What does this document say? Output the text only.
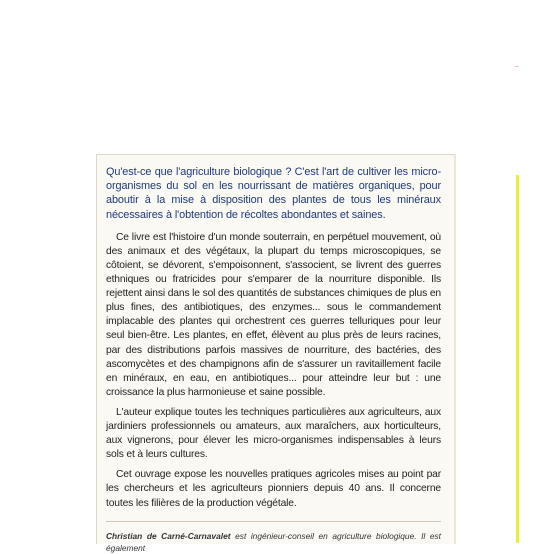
Qu'est-ce que l'agriculture biologique ? C'est l'art de cultiver les micro-organismes du sol en les nourrissant de matières organiques, pour aboutir à la mise à disposition des plantes de tous les minéraux nécessaires à l'obtention de récoltes abondantes et saines.

Ce livre est l'histoire d'un monde souterrain, en perpétuel mouvement, où des animaux et des végétaux, la plupart du temps microscopiques, se côtoient, se dévorent, s'empoisonnent, s'associent, se livrent des guerres ethniques ou fratricides pour s'emparer de la nourriture disponible. Ils rejettent ainsi dans le sol des quantités de substances chimiques de plus en plus fines, des antibiotiques, des enzymes... sous le commandement implacable des plantes qui orchestrent ces guerres telluriques pour leur seul bien-être. Les plantes, en effet, élèvent au plus près de leurs racines, par des distributions parfois massives de nourriture, des bactéries, des ascomycètes et des champignons afin de s'assurer un ravitaillement facile en minéraux, en eau, en antibiotiques... pour atteindre leur but : une croissance la plus harmonieuse et saine possible.

L'auteur explique toutes les techniques particulières aux agriculteurs, aux jardiniers professionnels ou amateurs, aux maraîchers, aux horticulteurs, aux vignerons, pour élever les micro-organismes indispensables à leurs sols et à leurs cultures.

Cet ouvrage expose les nouvelles pratiques agricoles mises au point par les chercheurs et les agriculteurs pionniers depuis 40 ans. Il concerne toutes les filières de la production végétale.

Christian de Carné-Carnavalet est ingénieur-conseil en agriculture biologique. Il est également
